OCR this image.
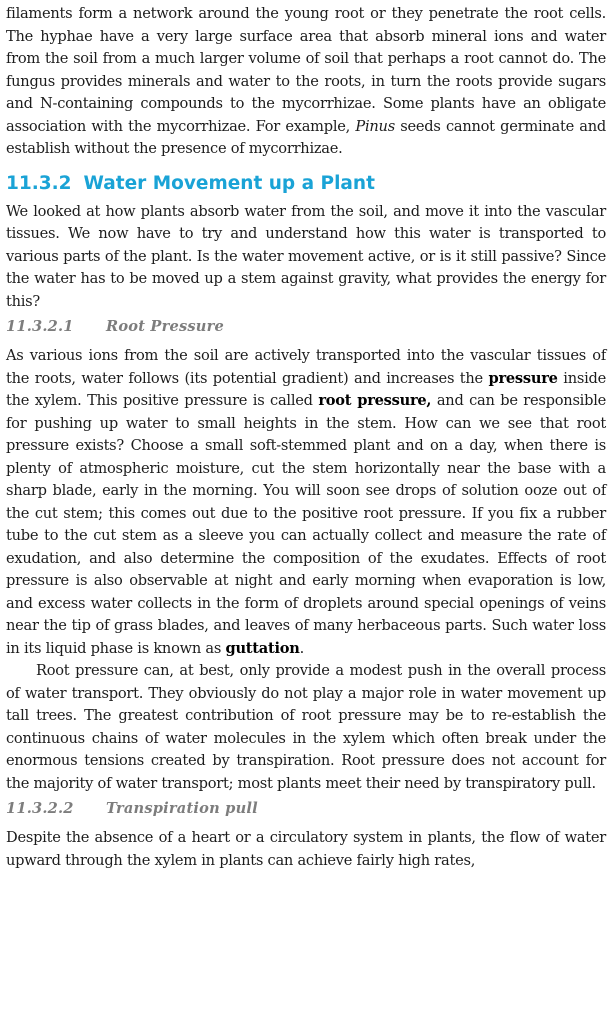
filaments form a network around the young root or they penetrate the root cells. The hyphae have a very large surface area that absorb mineral ions and water from the soil from a much larger volume of soil that perhaps a root cannot do. The fungus provides minerals and water to the roots, in turn the roots provide sugars and N-containing compounds to the mycorrhizae. Some plants have an obligate association with the mycorrhizae. For example, Pinus seeds cannot germinate and establish without the presence of mycorrhizae.

11.3.2 Water Movement up a Plant

We looked at how plants absorb water from the soil, and move it into the vascular tissues. We now have to try and understand how this water is transported to various parts of the plant. Is the water movement active, or is it still passive? Since the water has to be moved up a stem against gravity, what provides the energy for this?

11.3.2.1 Root Pressure

As various ions from the soil are actively transported into the vascular tissues of the roots, water follows (its potential gradient) and increases the pressure inside the xylem. This positive pressure is called root pressure, and can be responsible for pushing up water to small heights in the stem. How can we see that root pressure exists? Choose a small soft-stemmed plant and on a day, when there is plenty of atmospheric moisture, cut the stem horizontally near the base with a sharp blade, early in the morning. You will soon see drops of solution ooze out of the cut stem; this comes out due to the positive root pressure. If you fix a rubber tube to the cut stem as a sleeve you can actually collect and measure the rate of exudation, and also determine the composition of the exudates. Effects of root pressure is also observable at night and early morning when evaporation is low, and excess water collects in the form of droplets around special openings of veins near the tip of grass blades, and leaves of many herbaceous parts. Such water loss in its liquid phase is known as guttation.

Root pressure can, at best, only provide a modest push in the overall process of water transport. They obviously do not play a major role in water movement up tall trees. The greatest contribution of root pressure may be to re-establish the continuous chains of water molecules in the xylem which often break under the enormous tensions created by transpiration. Root pressure does not account for the majority of water transport; most plants meet their need by transpiratory pull.

11.3.2.2 Transpiration pull

Despite the absence of a heart or a circulatory system in plants, the flow of water upward through the xylem in plants can achieve fairly high rates,
